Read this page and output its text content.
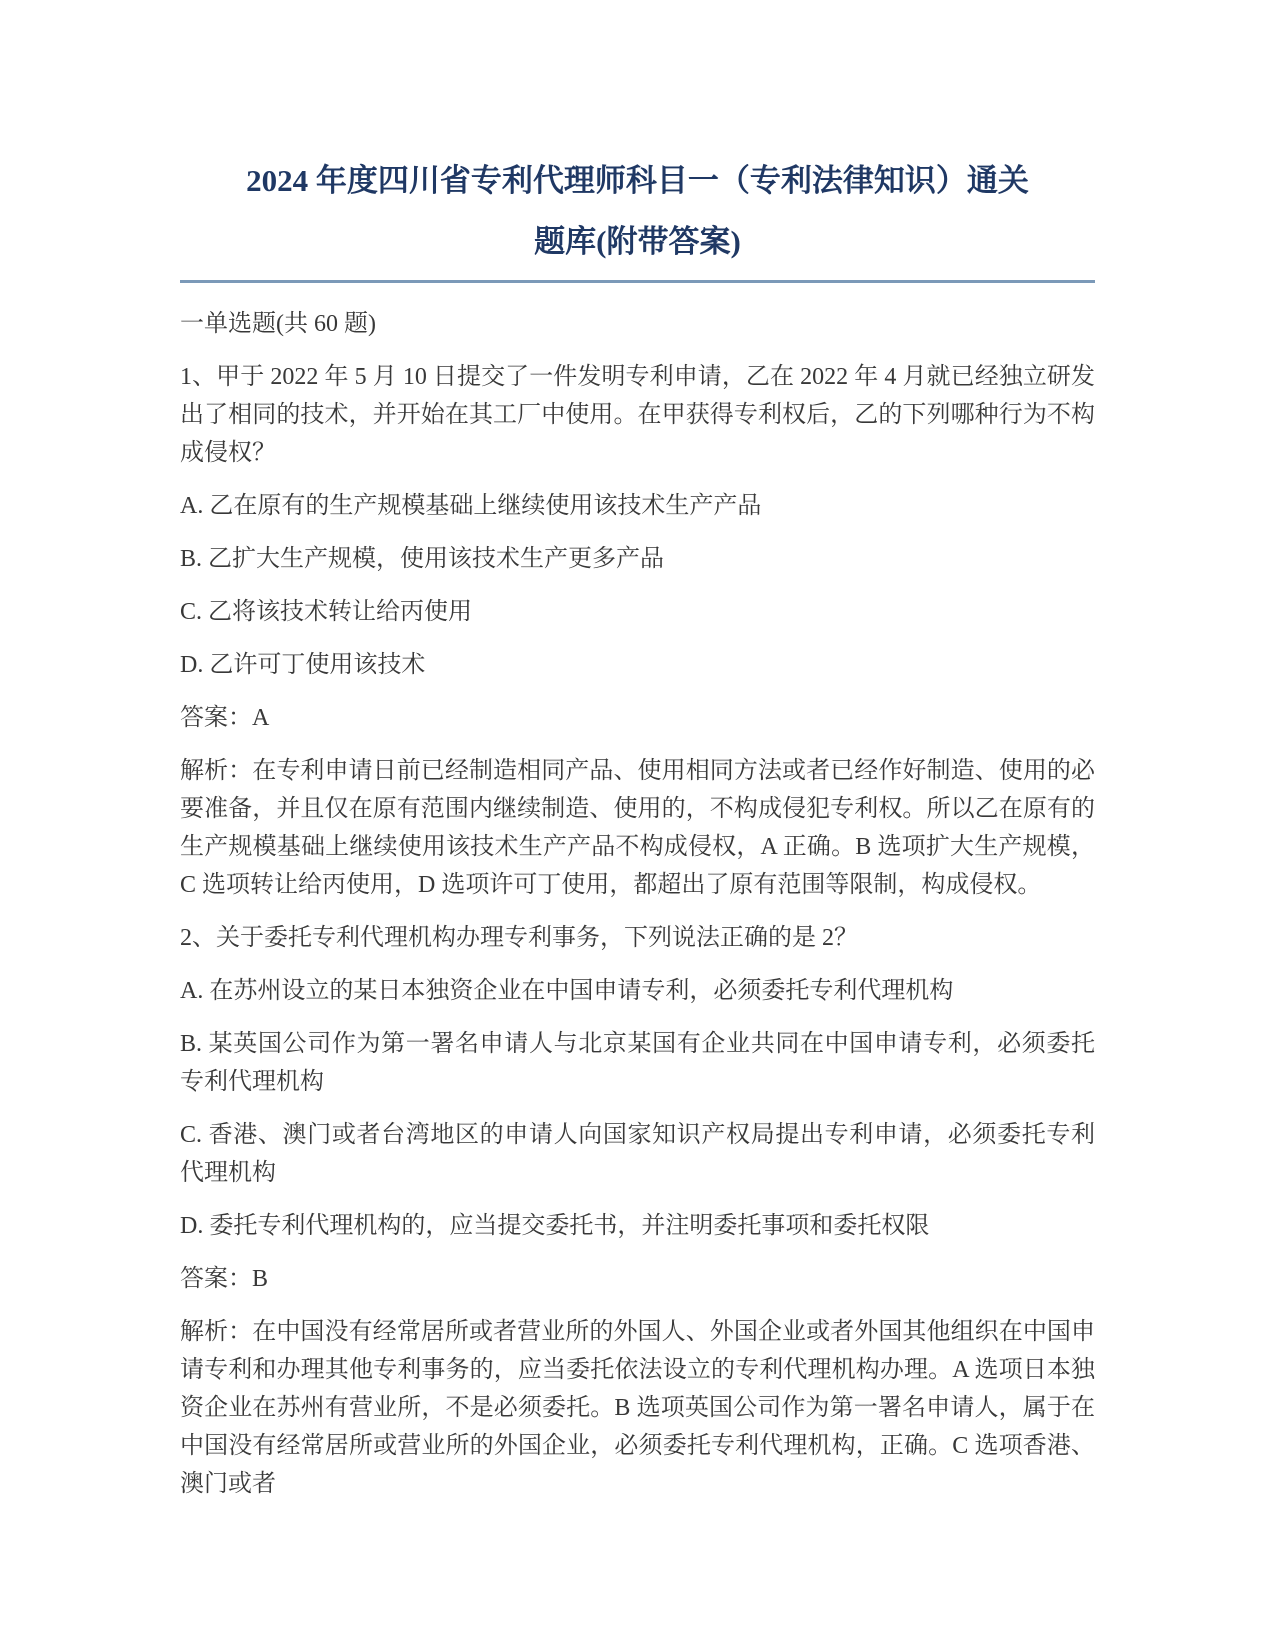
2024 年度四川省专利代理师科目一（专利法律知识）通关
题库(附带答案)

一单选题(共 60 题)

1、甲于 2022 年 5 月 10 日提交了一件发明专利申请，乙在 2022 年 4 月就已经独立研发出了相同的技术，并开始在其工厂中使用。在甲获得专利权后，乙的下列哪种行为不构成侵权？

A. 乙在原有的生产规模基础上继续使用该技术生产产品

B. 乙扩大生产规模，使用该技术生产更多产品

C. 乙将该技术转让给丙使用

D. 乙许可丁使用该技术

答案：A

解析：在专利申请日前已经制造相同产品、使用相同方法或者已经作好制造、使用的必要准备，并且仅在原有范围内继续制造、使用的，不构成侵犯专利权。所以乙在原有的生产规模基础上继续使用该技术生产产品不构成侵权，A 正确。B 选项扩大生产规模，C 选项转让给丙使用，D 选项许可丁使用，都超出了原有范围等限制，构成侵权。

2、关于委托专利代理机构办理专利事务，下列说法正确的是 2？

A. 在苏州设立的某日本独资企业在中国申请专利，必须委托专利代理机构

B. 某英国公司作为第一署名申请人与北京某国有企业共同在中国申请专利，必须委托专利代理机构

C. 香港、澳门或者台湾地区的申请人向国家知识产权局提出专利申请，必须委托专利代理机构

D. 委托专利代理机构的，应当提交委托书，并注明委托事项和委托权限

答案：B

解析：在中国没有经常居所或者营业所的外国人、外国企业或者外国其他组织在中国申请专利和办理其他专利事务的，应当委托依法设立的专利代理机构办理。A 选项日本独资企业在苏州有营业所，不是必须委托。B 选项英国公司作为第一署名申请人，属于在中国没有经常居所或营业所的外国企业，必须委托专利代理机构，正确。C 选项香港、澳门或者
